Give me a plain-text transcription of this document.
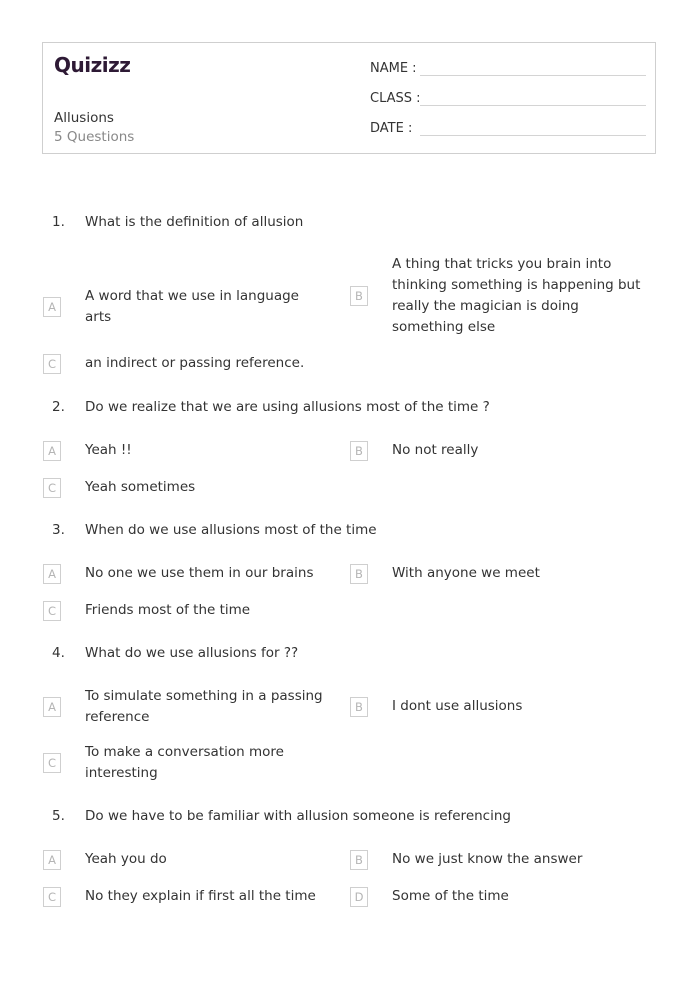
Quizizz
Allusions
5 Questions
NAME :
CLASS :
DATE :
1. What is the definition of allusion
A
A word that we use in language arts
B
A thing that tricks you brain into thinking something is happening but really the magician is doing something else
C	an indirect or passing reference.
2. Do we realize that we are using allusions most of the time ?
A	Yeah !!	B	No not really
C	Yeah sometimes
3. When do we use allusions most of the time
A	No one we use them in our brains	B	With anyone we meet
C	Friends most of the time
4. What do we use allusions for ??
A
To simulate something in a passing reference
B	I dont use allusions
C
To make a conversation more interesting
5. Do we have to be familiar with allusion someone is referencing
A	Yeah you do	B	No we just know the answer
C	No they explain if first all the time	D	Some of the time
